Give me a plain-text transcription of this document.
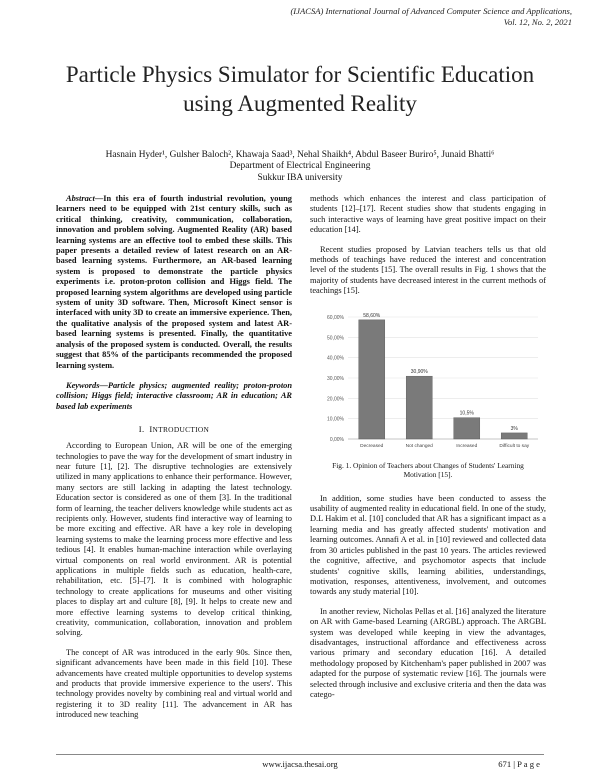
(IJACSA) International Journal of Advanced Computer Science and Applications,
Vol. 12, No. 2, 2021
Particle Physics Simulator for Scientific Education
using Augmented Reality
Hasnain Hyder¹, Gulsher Baloch², Khawaja Saad³, Nehal Shaikh⁴, Abdul Baseer Buriro⁵, Junaid Bhatti⁶
Department of Electrical Engineering
Sukkur IBA university

Abstract—In this era of fourth industrial revolution, young learners need to be equipped with 21st century skills, such as critical thinking, creativity, communication, collaboration, innovation and problem solving. Augmented Reality (AR) based learning systems are an effective tool to embed these skills. This paper presents a detailed review of latest research on an AR-based learning systems. Furthermore, an AR-based learning system is proposed to demonstrate the particle physics experiments i.e. proton-proton collision and Higgs field. The proposed learning system algorithms are developed using particle system of unity 3D software. Then, Microsoft Kinect sensor is interfaced with unity 3D to create an immersive experience. Then, the qualitative analysis of the proposed system and latest AR-based learning systems is presented. Finally, the quantitative analysis of the proposed system is conducted. Overall, the results suggest that 85% of the participants recommended the proposed learning system.

Keywords—Particle physics; augmented reality; proton-proton collision; Higgs field; interactive classroom; AR in education; AR based lab experiments

I. INTRODUCTION

According to European Union, AR will be one of the emerging technologies to pave the way for the development of smart industry in near future [1], [2]. The disruptive technologies are extensively utilized in many applications to enhance their performance. However, many sectors are still lacking in adapting the latest technology. Education sector is considered as one of them [3]. In the traditional form of learning, the teacher delivers knowledge while students act as recipients only. However, students find interactive way of learning to be more exciting and effective. AR have a key role in developing learning systems to make the learning process more effective and less tedious [4]. It enables human-machine interaction while overlaying virtual components on real world environment. AR is potential applications in multiple fields such as education, health-care, rehabilitation, etc. [5]–[7]. It is combined with holographic technology to create applications for museums and other visiting places to display art and culture [8], [9]. It helps to create new and more effective learning systems to develop critical thinking, creativity, communication, collaboration, innovation and problem solving.

The concept of AR was introduced in the early 90s. Since then, significant advancements have been made in this field [10]. These advancements have created multiple opportunities to develop systems and products that provide immersive experience to the users'. This technology provides novelty by combining real and virtual world and registering it to 3D reality [11]. The advancement in AR has introduced new teaching

methods which enhances the interest and class participation of students [12]–[17]. Recent studies show that students engaging in such interactive ways of learning have great positive impact on their education [14].

Recent studies proposed by Latvian teachers tells us that old methods of teachings have reduced the interest and concentration level of the students [15]. The overall results in Fig. 1 shows that the majority of students have decreased interest in the current methods of teachings [15].

0,00%
10,00%
20,00%
30,00%
40,00%
50,00%
60,00%	58,60%
Decreased
30,90%
Not changed
10,5%
Increased
3%
Difficult to say
Fig. 1. Opinion of Teachers about Changes of Students' Learning Motivation [15].

In addition, some studies have been conducted to assess the usability of augmented reality in educational field. In one of the study, D.L Hakim et al. [10] concluded that AR has a significant impact as a learning media and has greatly affected students' motivation and learning outcomes. Annafi A et al. in [10] reviewed and collected data from 30 articles published in the past 10 years. The articles reviewed the cognitive, affective, and psychomotor aspects that include students' cognitive skills, learning abilities, understandings, motivation, responses, attentiveness, involvement, and outcomes towards any study material [10].

In another review, Nicholas Pellas et al. [16] analyzed the literature on AR with Game-based Learning (ARGBL) approach. The ARGBL system was developed while keeping in view the advantages, disadvantages, instructional affordance and effectiveness across various primary and secondary education [16]. A detailed methodology proposed by Kitchenham's paper published in 2007 was adapted for the purpose of systematic review [16]. The journals were selected through inclusive and exclusive criteria and then the data was catego-

www.ijacsa.thesai.org	671 | P a g e
